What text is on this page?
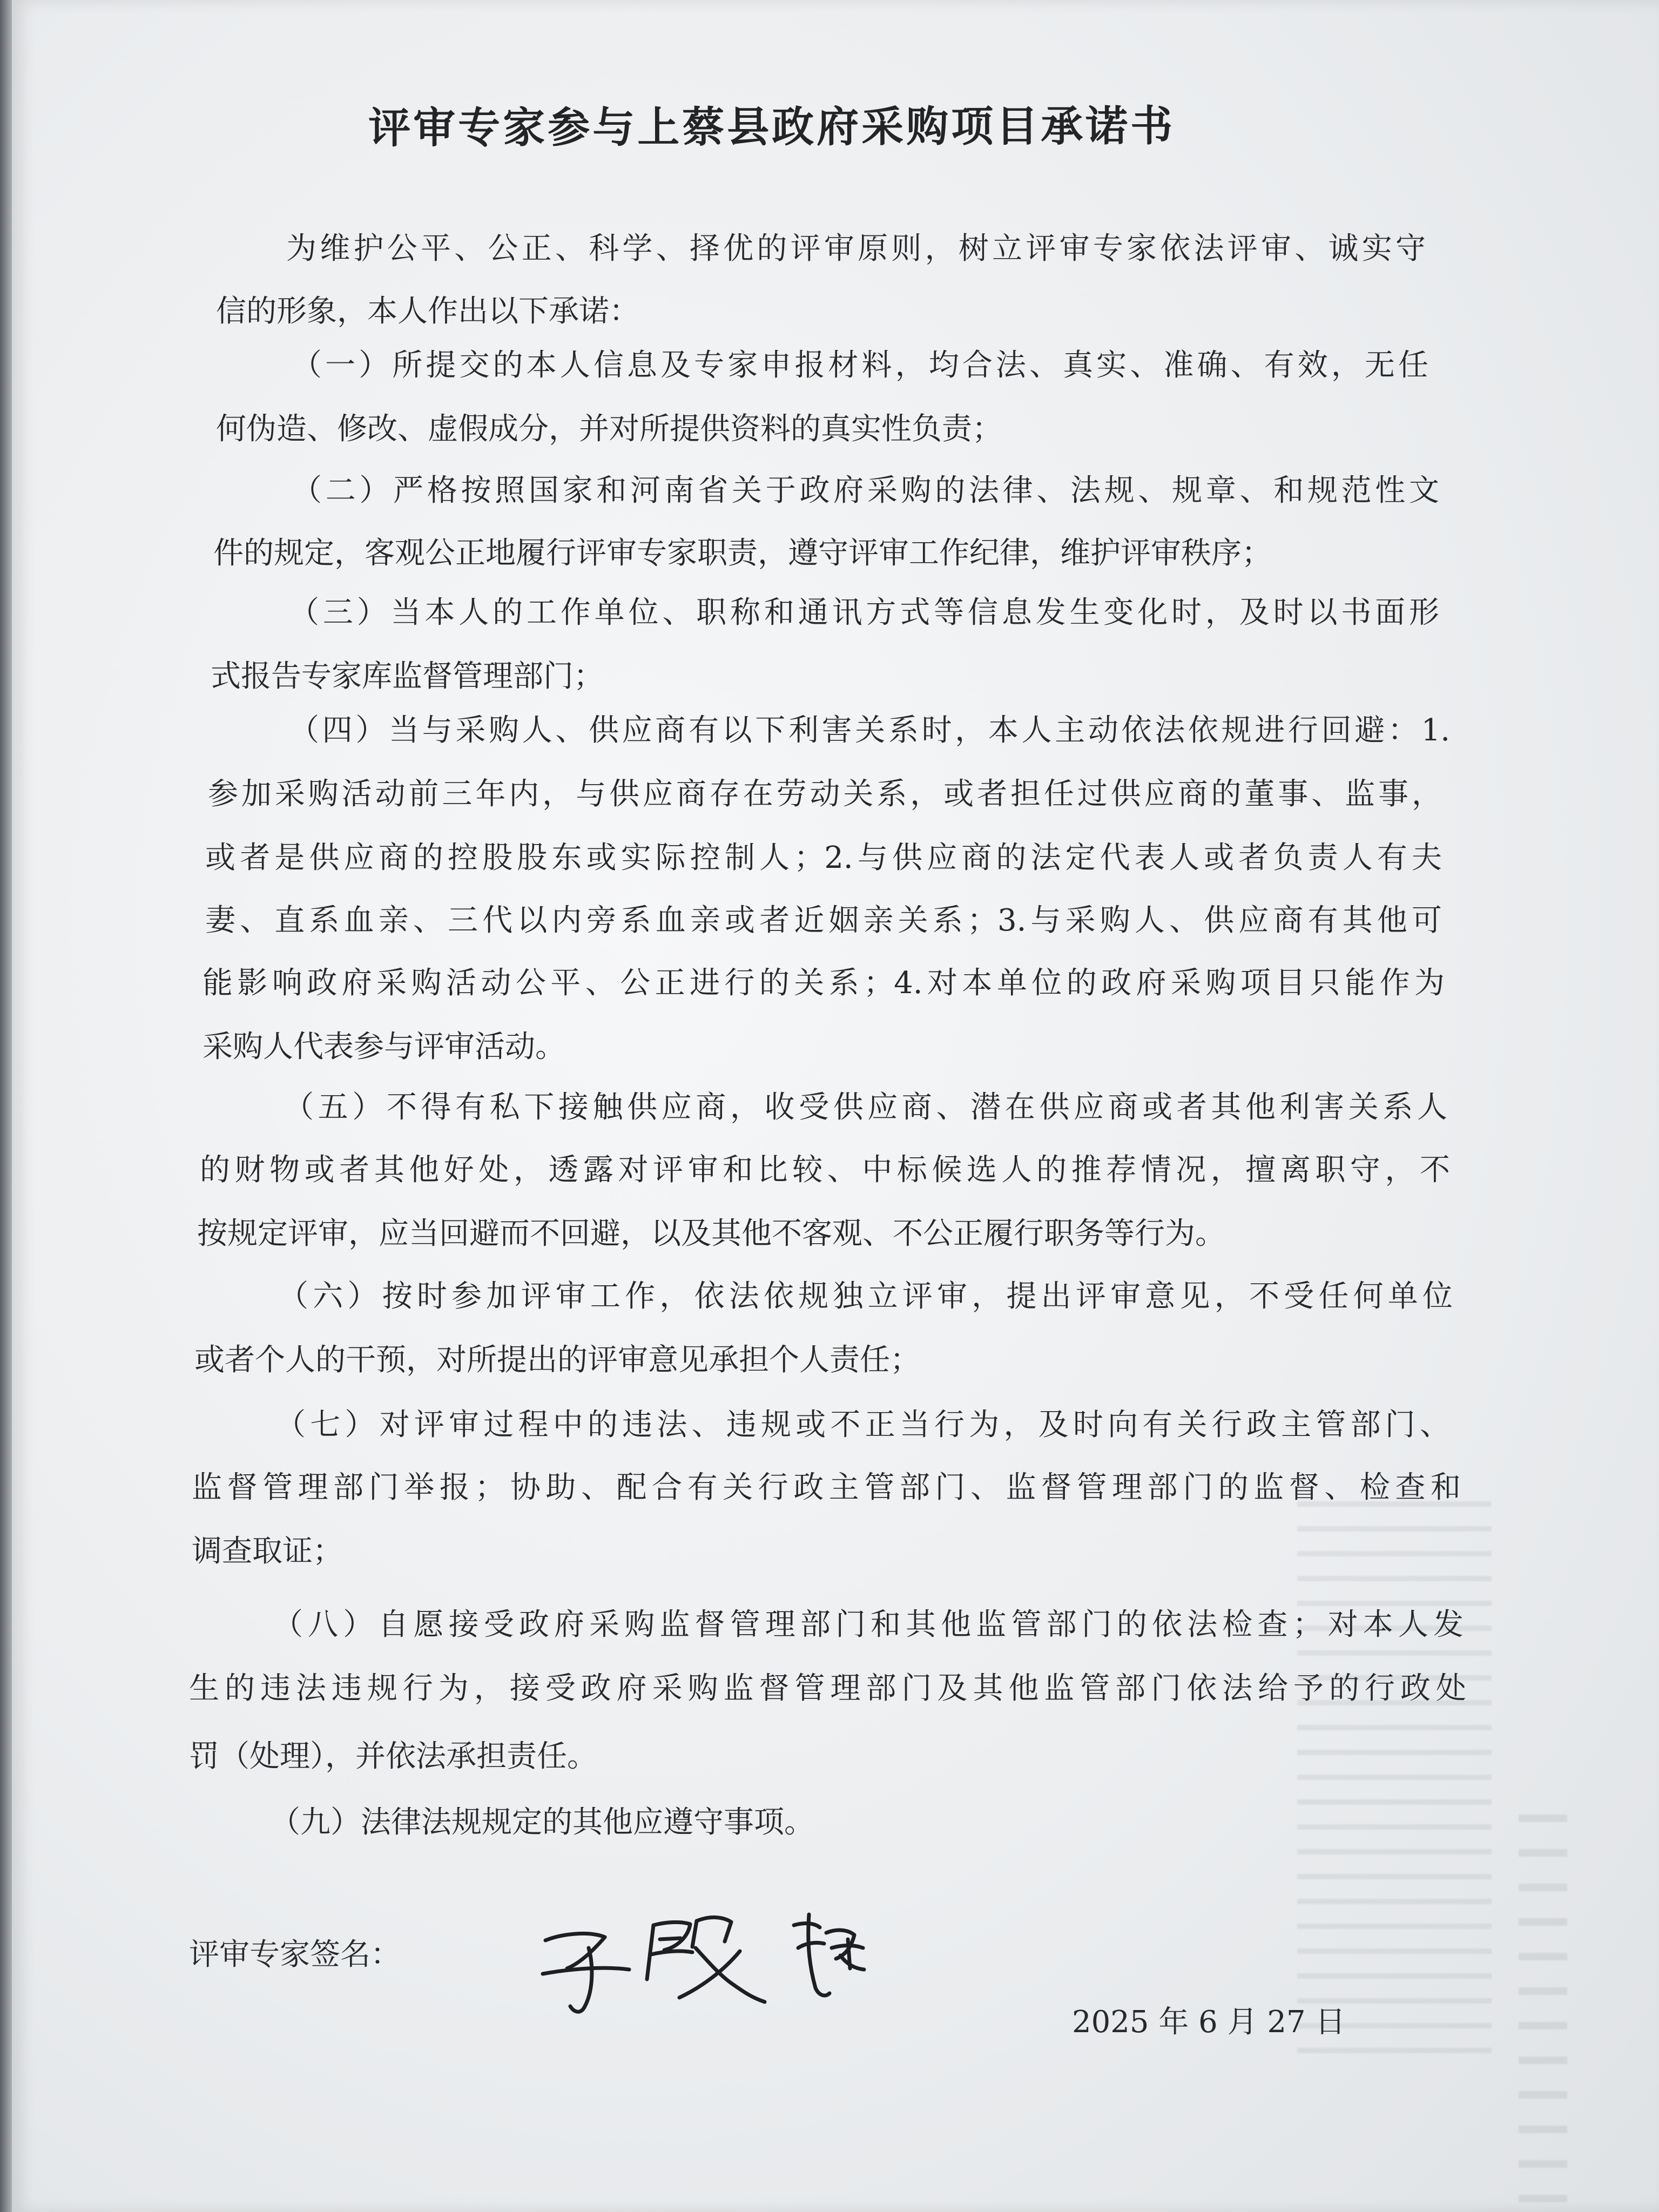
评审专家参与上蔡县政府采购项目承诺书

为维护公平、公正、科学、择优的评审原则，树立评审专家依法评审、诚实守

信的形象，本人作出以下承诺：

（一）所提交的本人信息及专家申报材料，均合法、真实、准确、有效，无任

何伪造、修改、虚假成分，并对所提供资料的真实性负责；

（二）严格按照国家和河南省关于政府采购的法律、法规、规章、和规范性文

件的规定，客观公正地履行评审专家职责，遵守评审工作纪律，维护评审秩序；

（三）当本人的工作单位、职称和通讯方式等信息发生变化时，及时以书面形

式报告专家库监督管理部门；

（四）当与采购人、供应商有以下利害关系时，本人主动依法依规进行回避：1.

参加采购活动前三年内，与供应商存在劳动关系，或者担任过供应商的董事、监事，

或者是供应商的控股股东或实际控制人；2.与供应商的法定代表人或者负责人有夫

妻、直系血亲、三代以内旁系血亲或者近姻亲关系；3.与采购人、供应商有其他可

能影响政府采购活动公平、公正进行的关系；4.对本单位的政府采购项目只能作为

采购人代表参与评审活动。

（五）不得有私下接触供应商，收受供应商、潜在供应商或者其他利害关系人

的财物或者其他好处，透露对评审和比较、中标候选人的推荐情况，擅离职守，不

按规定评审，应当回避而不回避，以及其他不客观、不公正履行职务等行为。

（六）按时参加评审工作，依法依规独立评审，提出评审意见，不受任何单位

或者个人的干预，对所提出的评审意见承担个人责任；

（七）对评审过程中的违法、违规或不正当行为，及时向有关行政主管部门、

监督管理部门举报；协助、配合有关行政主管部门、监督管理部门的监督、检查和

调查取证；

（八）自愿接受政府采购监督管理部门和其他监管部门的依法检查；对本人发

生的违法违规行为，接受政府采购监督管理部门及其他监管部门依法给予的行政处

罚（处理），并依法承担责任。

（九）法律法规规定的其他应遵守事项。

评审专家签名：
2025 年 6 月 27 日
